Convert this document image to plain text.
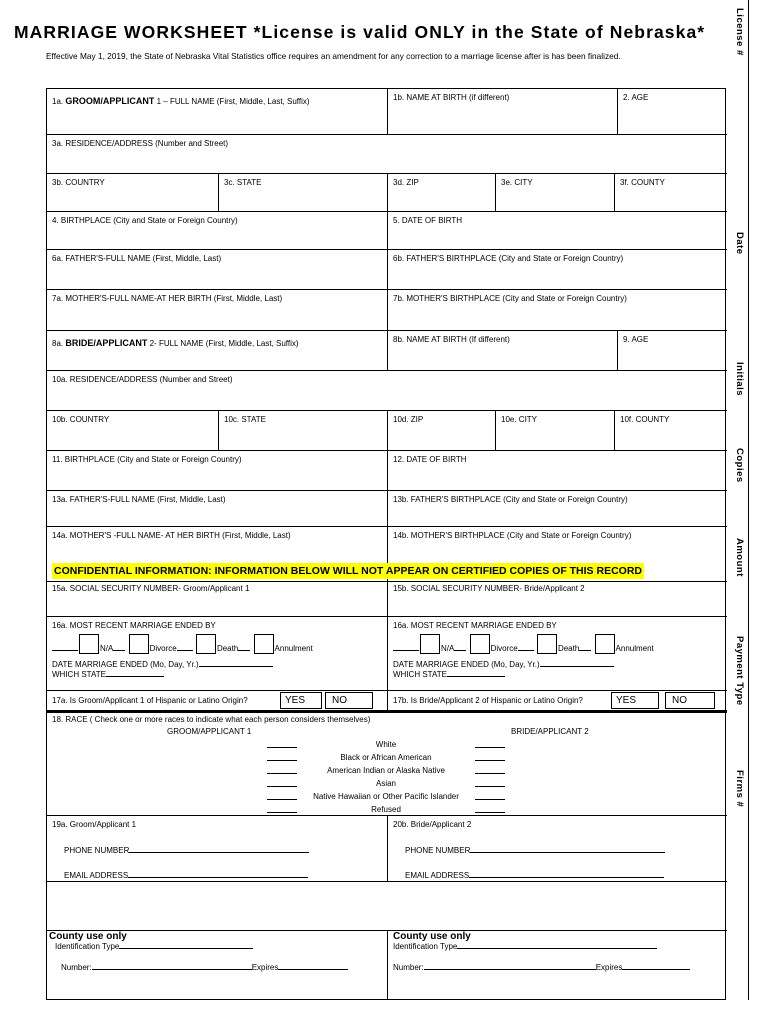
MARRIAGE WORKSHEET *License is valid ONLY in the State of Nebraska*
Effective May 1, 2019, the State of Nebraska Vital Statistics office requires an amendment for any correction to a marriage license after is has been finalized.
License #
Date
Initials
Copies
Amount
Payment Type
Firms #
1a. GROOM/APPLICANT 1 – FULL NAME (First, Middle, Last, Suffix)	1b. NAME AT BIRTH (if different)	2. AGE
3a. RESIDENCE/ADDRESS (Number and Street)
3b. COUNTRY	3c. STATE	3d. ZIP	3e. CITY	3f. COUNTY
4. BIRTHPLACE (City and State or Foreign Country)	5. DATE OF BIRTH
6a. FATHER'S-FULL NAME (First, Middle, Last)	6b. FATHER'S BIRTHPLACE (City and State or Foreign Country)
7a. MOTHER'S-FULL NAME-AT HER BIRTH (First, Middle, Last)	7b. MOTHER'S BIRTHPLACE (City and State or Foreign Country)
8a. BRIDE/APPLICANT 2- FULL NAME (First, Middle, Last, Suffix)	8b. NAME AT BIRTH (If different)	9. AGE
10a. RESIDENCE/ADDRESS (Number and Street)
10b. COUNTRY	10c. STATE	10d. ZIP	10e. CITY	10f. COUNTY
11. BIRTHPLACE (City and State or Foreign Country)	12. DATE OF BIRTH
13a. FATHER'S-FULL NAME (First, Middle, Last)	13b. FATHER'S BIRTHPLACE (City and State or Foreign Country)
14a. MOTHER'S -FULL NAME- AT HER BIRTH (First, Middle, Last)	14b. MOTHER'S BIRTHPLACE (City and State or Foreign Country)
CONFIDENTIAL INFORMATION: INFORMATION BELOW WILL NOT APPEAR ON CERTIFIED COPIES OF THIS RECORD
15a. SOCIAL SECURITY NUMBER- Groom/Applicant 1	15b. SOCIAL SECURITY NUMBER- Bride/Applicant 2
16a. MOST RECENT MARRIAGE ENDED BY
N/A	Divorce	Death	Annulment
DATE MARRIAGE ENDED (Mo, Day, Yr.)
WHICH STATE
16a. MOST RECENT MARRIAGE ENDED BY
N/A	Divorce	Death	Annulment
DATE MARRIAGE ENDED (Mo, Day, Yr.)
WHICH STATE
17a. Is Groom/Applicant 1 of Hispanic or Latino Origin?	17b. Is Bride/Applicant 2 of Hispanic or Latino Origin?
YES	NO	YES	NO
18. RACE ( Check one or more races to indicate what each person considers themselves)
GROOM/APPLICANT 1	BRIDE/APPLICANT 2
White
Black or African American
American Indian or Alaska Native
Asian
Native Hawaiian or Other Pacific Islander
Refused
19a. Groom/Applicant 1
PHONE NUMBER
EMAIL ADDRESS
20b. Bride/Applicant 2
PHONE NUMBER
EMAIL ADDRESS
County use only
Identification Type
Number:	Expires
County use only
Identification Type
Number:	Expires
